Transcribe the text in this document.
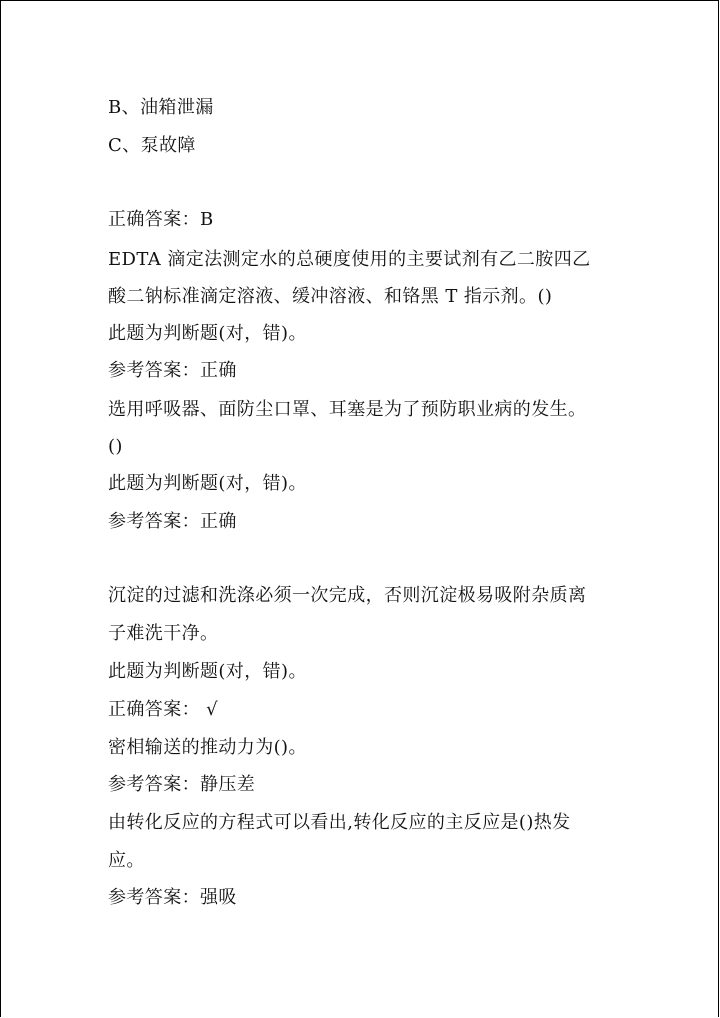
B、油箱泄漏
C、泵故障
正确答案：B
EDTA 滴定法测定水的总硬度使用的主要试剂有乙二胺四乙
酸二钠标准滴定溶液、缓冲溶液、和铬黑 T 指示剂。()
此题为判断题(对，错)。
参考答案：正确
选用呼吸器、面防尘口罩、耳塞是为了预防职业病的发生。
()
此题为判断题(对，错)。
参考答案：正确
沉淀的过滤和洗涤必须一次完成，否则沉淀极易吸附杂质离
子难洗干净。
此题为判断题(对，错)。
正确答案： √
密相输送的推动力为()。
参考答案：静压差
由转化反应的方程式可以看出,转化反应的主反应是()热发
应。
参考答案：强吸
